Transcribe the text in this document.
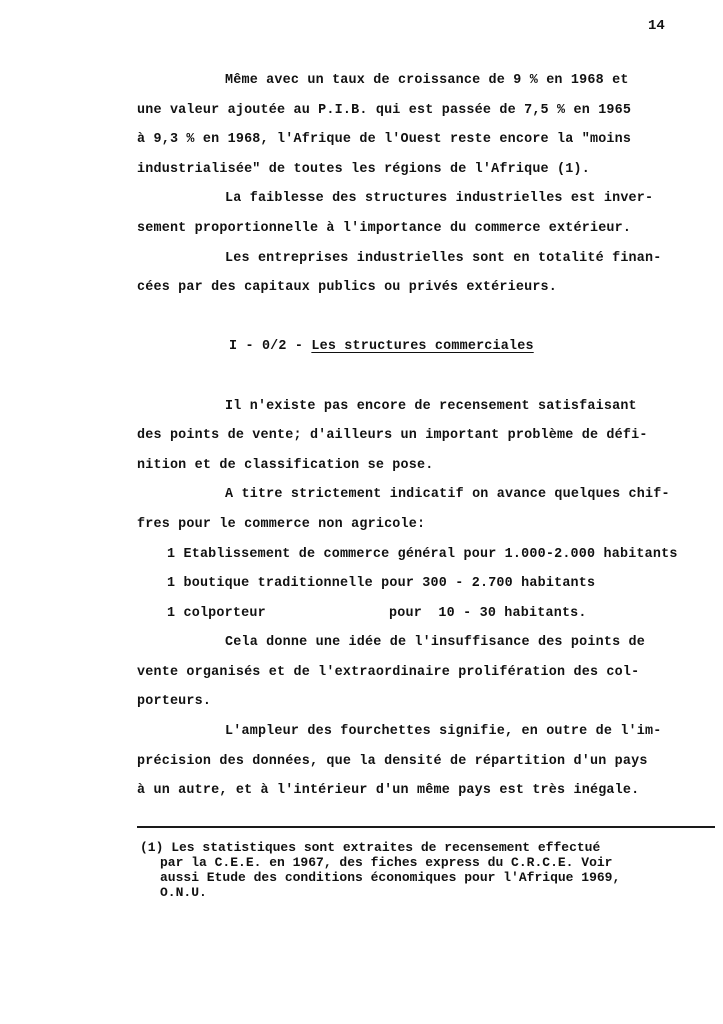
14
Même avec un taux de croissance de 9 % en 1968 et
une valeur ajoutée au P.I.B. qui est passée de 7,5 % en 1965
à 9,3 % en 1968, l'Afrique de l'Ouest reste encore la "moins
industrialisée" de toutes les régions de l'Afrique (1).
La faiblesse des structures industrielles est inver-
sement proportionnelle à l'importance du commerce extérieur.
Les entreprises industrielles sont en totalité finan-
cées par des capitaux publics ou privés extérieurs.
I - 0/2 - Les structures commerciales
Il n'existe pas encore de recensement satisfaisant
des points de vente; d'ailleurs un important problème de défi-
nition et de classification se pose.
A titre strictement indicatif on avance quelques chif-
fres pour le commerce non agricole:
1 Etablissement de commerce général pour 1.000-2.000 habitants
1 boutique traditionnelle pour 300 - 2.700 habitants
1 colporteur	pour  10 - 30 habitants.
Cela donne une idée de l'insuffisance des points de
vente organisés et de l'extraordinaire prolifération des col-
porteurs.
L'ampleur des fourchettes signifie, en outre de l'im-
précision des données, que la densité de répartition d'un pays
à un autre, et à l'intérieur d'un même pays est très inégale.
(1) Les statistiques sont extraites de recensement effectué
par la C.E.E. en 1967, des fiches express du C.R.C.E. Voir
aussi Etude des conditions économiques pour l'Afrique 1969,
O.N.U.
